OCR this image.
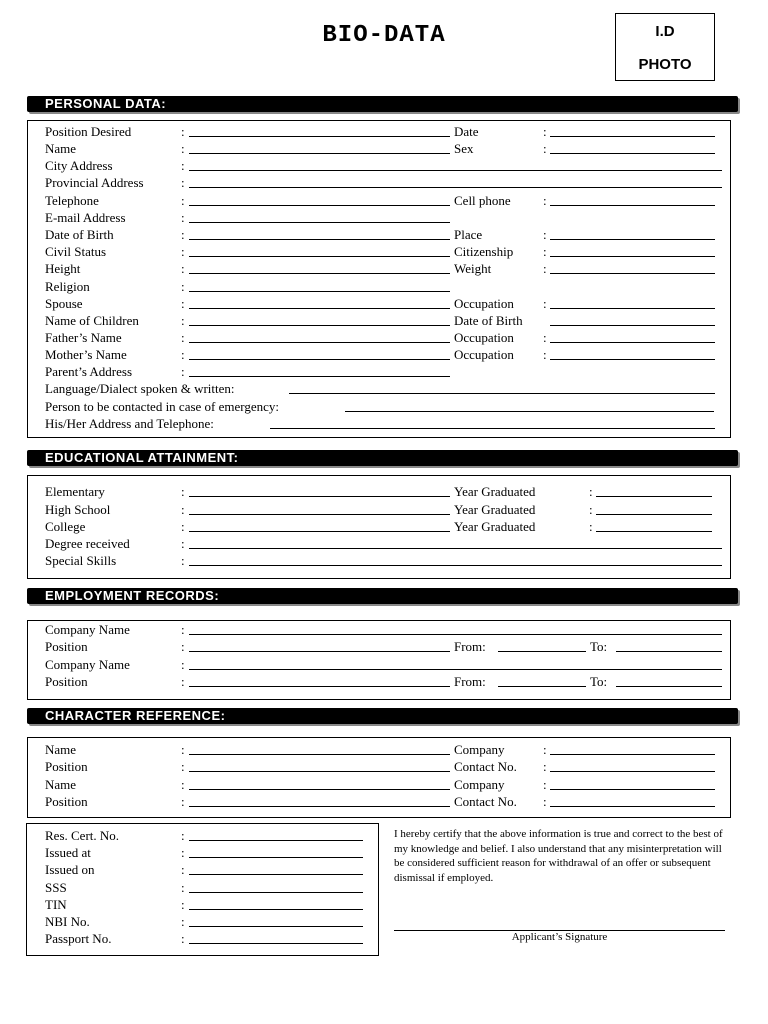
BIO-DATA	I.D
PHOTO
PERSONAL DATA:
EDUCATIONAL ATTAINMENT:
EMPLOYMENT RECORDS:
CHARACTER REFERENCE:
Position Desired	:	Date	:
Name	:	Sex	:
City Address	:
Provincial Address	:
Telephone	:	Cell phone :
E-mail Address	:
Date of Birth	:	Place	:
Civil Status	:	Citizenship :
Height	:	Weight	:
Religion	:
Spouse	:	Occupation :
Name of Children	:	Date of Birth
Father’s Name	:	Occupation :
Mother’s Name	:	Occupation :
Parent’s Address	:
Language/Dialect spoken & written:
Person to be contacted in case of emergency:
His/Her Address and Telephone:
Elementary	:	Year Graduated	:
High School	:	Year Graduated	:
College	:	Year Graduated	:
Degree received	:
Special Skills	:
Company Name	:
Position	:	From:	To:
Company Name	:
Position	:	From:	To:
Name	:	Company	:
Position	:	Contact No. :
Name	:	Company	:
Position	:	Contact No. :
Res. Cert. No.	:
Issued at	:
Issued on	:
SSS	:
TIN	:
NBI No.	:
Passport No.	:
I hereby certify that the above information is true and correct to the best of my knowledge and belief. I also understand that any misinterpretation will be considered sufficient reason for withdrawal of an offer or subsequent dismissal if employed.
Applicant’s Signature
